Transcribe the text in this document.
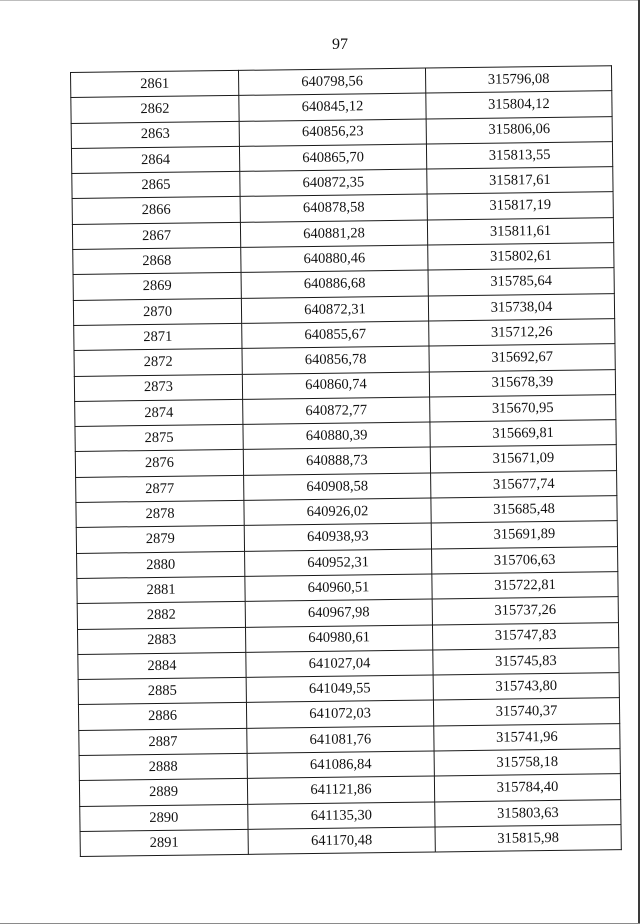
97
2861	640798,56	315796,08
2862	640845,12	315804,12
2863	640856,23	315806,06
2864	640865,70	315813,55
2865	640872,35	315817,61
2866	640878,58	315817,19
2867	640881,28	315811,61
2868	640880,46	315802,61
2869	640886,68	315785,64
2870	640872,31	315738,04
2871	640855,67	315712,26
2872	640856,78	315692,67
2873	640860,74	315678,39
2874	640872,77	315670,95
2875	640880,39	315669,81
2876	640888,73	315671,09
2877	640908,58	315677,74
2878	640926,02	315685,48
2879	640938,93	315691,89
2880	640952,31	315706,63
2881	640960,51	315722,81
2882	640967,98	315737,26
2883	640980,61	315747,83
2884	641027,04	315745,83
2885	641049,55	315743,80
2886	641072,03	315740,37
2887	641081,76	315741,96
2888	641086,84	315758,18
2889	641121,86	315784,40
2890	641135,30	315803,63
2891	641170,48	315815,98
